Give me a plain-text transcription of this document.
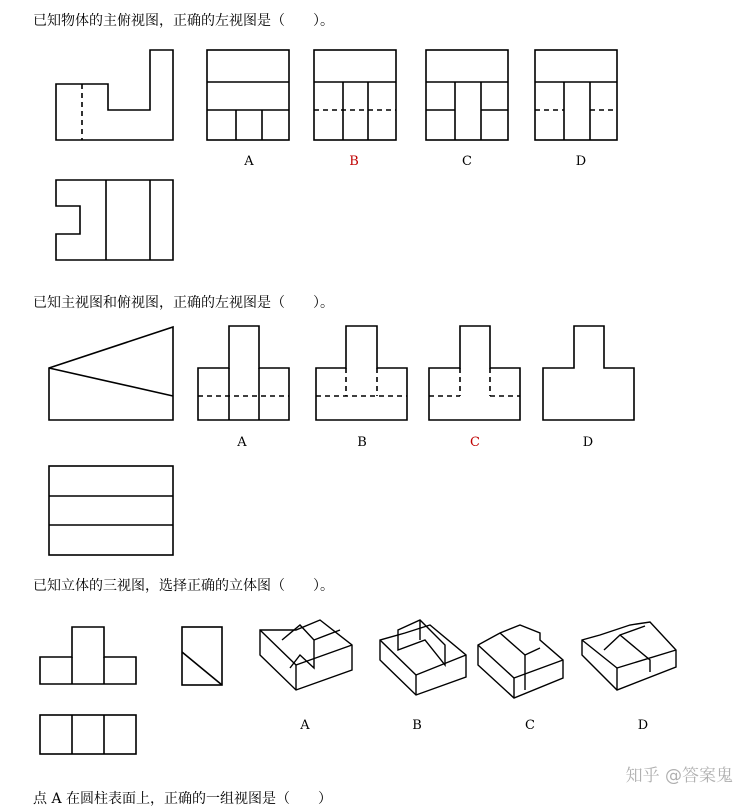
已知物体的主俯视图，正确的左视图是（　　）。
已知主视图和俯视图，正确的左视图是（　　）。
已知立体的三视图，选择正确的立体图（　　）。
点 A 在圆柱表面上，正确的一组视图是（　　）
A	B	C	D
A	B	C	D
A	B	C	D
知乎 @答案鬼
